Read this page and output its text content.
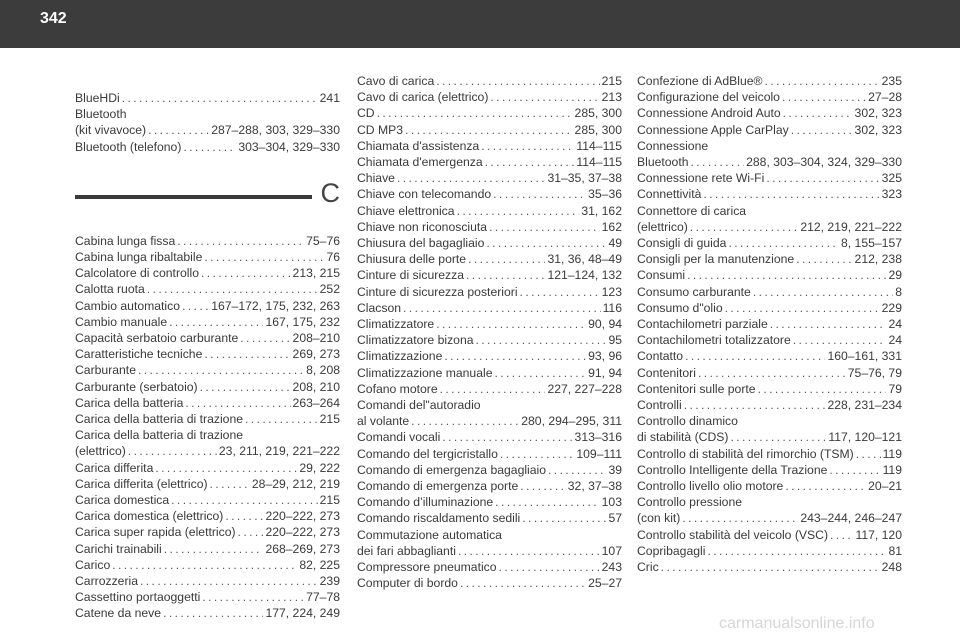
342
BlueHDi . . .	241
Bluetooth
(kit vivavoce) . . .	287–288, 303, 329–330
Bluetooth (telefono) . . .	303–304, 329–330
C
Cabina lunga fissa . . .	75–76
Cabina lunga ribaltabile . . .	76
Calcolatore di controllo . . .	213, 215
Calotta ruota . . .	252
Cambio automatico . . .	167–172, 175, 232, 263
Cambio manuale . . .	167, 175, 232
Capacità serbatoio carburante . . .	208–210
Caratteristiche tecniche . . .	269, 273
Carburante . . .	8, 208
Carburante (serbatoio) . . .	208, 210
Carica della batteria . . .	263–264
Carica della batteria di trazione . . .	215
Carica della batteria di trazione
(elettrico) . . .	23, 211, 219, 221–222
Carica differita . . .	29, 222
Carica differita (elettrico) . . .	28–29, 212, 219
Carica domestica . . .	215
Carica domestica (elettrico) . . .	220–222, 273
Carica super rapida (elettrico) . . . 220–222, 273
Carichi trainabili . . .	268–269, 273
Carico . . .	82, 225
Carrozzeria . . .	239
Cassettino portaoggetti . . .	77–78
Catene da neve . . .	177, 224, 249
Cavo di carica . . .	215
Cavo di carica (elettrico) . . .	213
CD . . .	285, 300
CD MP3 . . .	285, 300
Chiamata d'assistenza . . .	114–115
Chiamata d'emergenza . . .	114–115
Chiave . . .	31–35, 37–38
Chiave con telecomando . . .	35–36
Chiave elettronica . . .	31, 162
Chiave non riconosciuta . . .	162
Chiusura del bagagliaio . . .	49
Chiusura delle porte . . .	31, 36, 48–49
Cinture di sicurezza . . .	121–124, 132
Cinture di sicurezza posteriori . . .	123
Clacson . . .	116
Climatizzatore . . .	90, 94
Climatizzatore bizona . . .	95
Climatizzazione . . .	93, 96
Climatizzazione manuale . . .	91, 94
Cofano motore . . .	227, 227–228
Comandi del"autoradio
al volante . . .	280, 294–295, 311
Comandi vocali . . .	313–316
Comando del tergicristallo . . .	109–111
Comando di emergenza bagagliaio . . .	39
Comando di emergenza porte . . .	32, 37–38
Comando d’illuminazione . . .	103
Comando riscaldamento sedili . . .	57
Commutazione automatica
dei fari abbaglianti . . .	107
Compressore pneumatico . . .	243
Computer di bordo . . .	25–27
Confezione di AdBlue® . . .	235
Configurazione del veicolo . . .	27–28
Connessione Android Auto . . .	302, 323
Connessione Apple CarPlay . . .	302, 323
Connessione
Bluetooth . . .	288, 303–304, 324, 329–330
Connessione rete Wi-Fi . . .	325
Connettività . . .	323
Connettore di carica
(elettrico) . . .	212, 219, 221–222
Consigli di guida . . .	8, 155–157
Consigli per la manutenzione . . .	212, 238
Consumi . . .	29
Consumo carburante . . .	8
Consumo d"olio . . .	229
Contachilometri parziale . . .	24
Contachilometri totalizzatore . . .	24
Contatto . . .	160–161, 331
Contenitori . . .	75–76, 79
Contenitori sulle porte . . .	79
Controlli . . .	228, 231–234
Controllo dinamico
di stabilità (CDS) . . .	117, 120–121
Controllo di stabilità del rimorchio (TSM) . . . 119
Controllo Intelligente della Trazione . . .	119
Controllo livello olio motore . . .	20–21
Controllo pressione
(con kit) . . .	243–244, 246–247
Controllo stabilità del veicolo (VSC) . . . 117, 120
Copribagagli . . .	81
Cric . . .	248
carmanualsonline.info
